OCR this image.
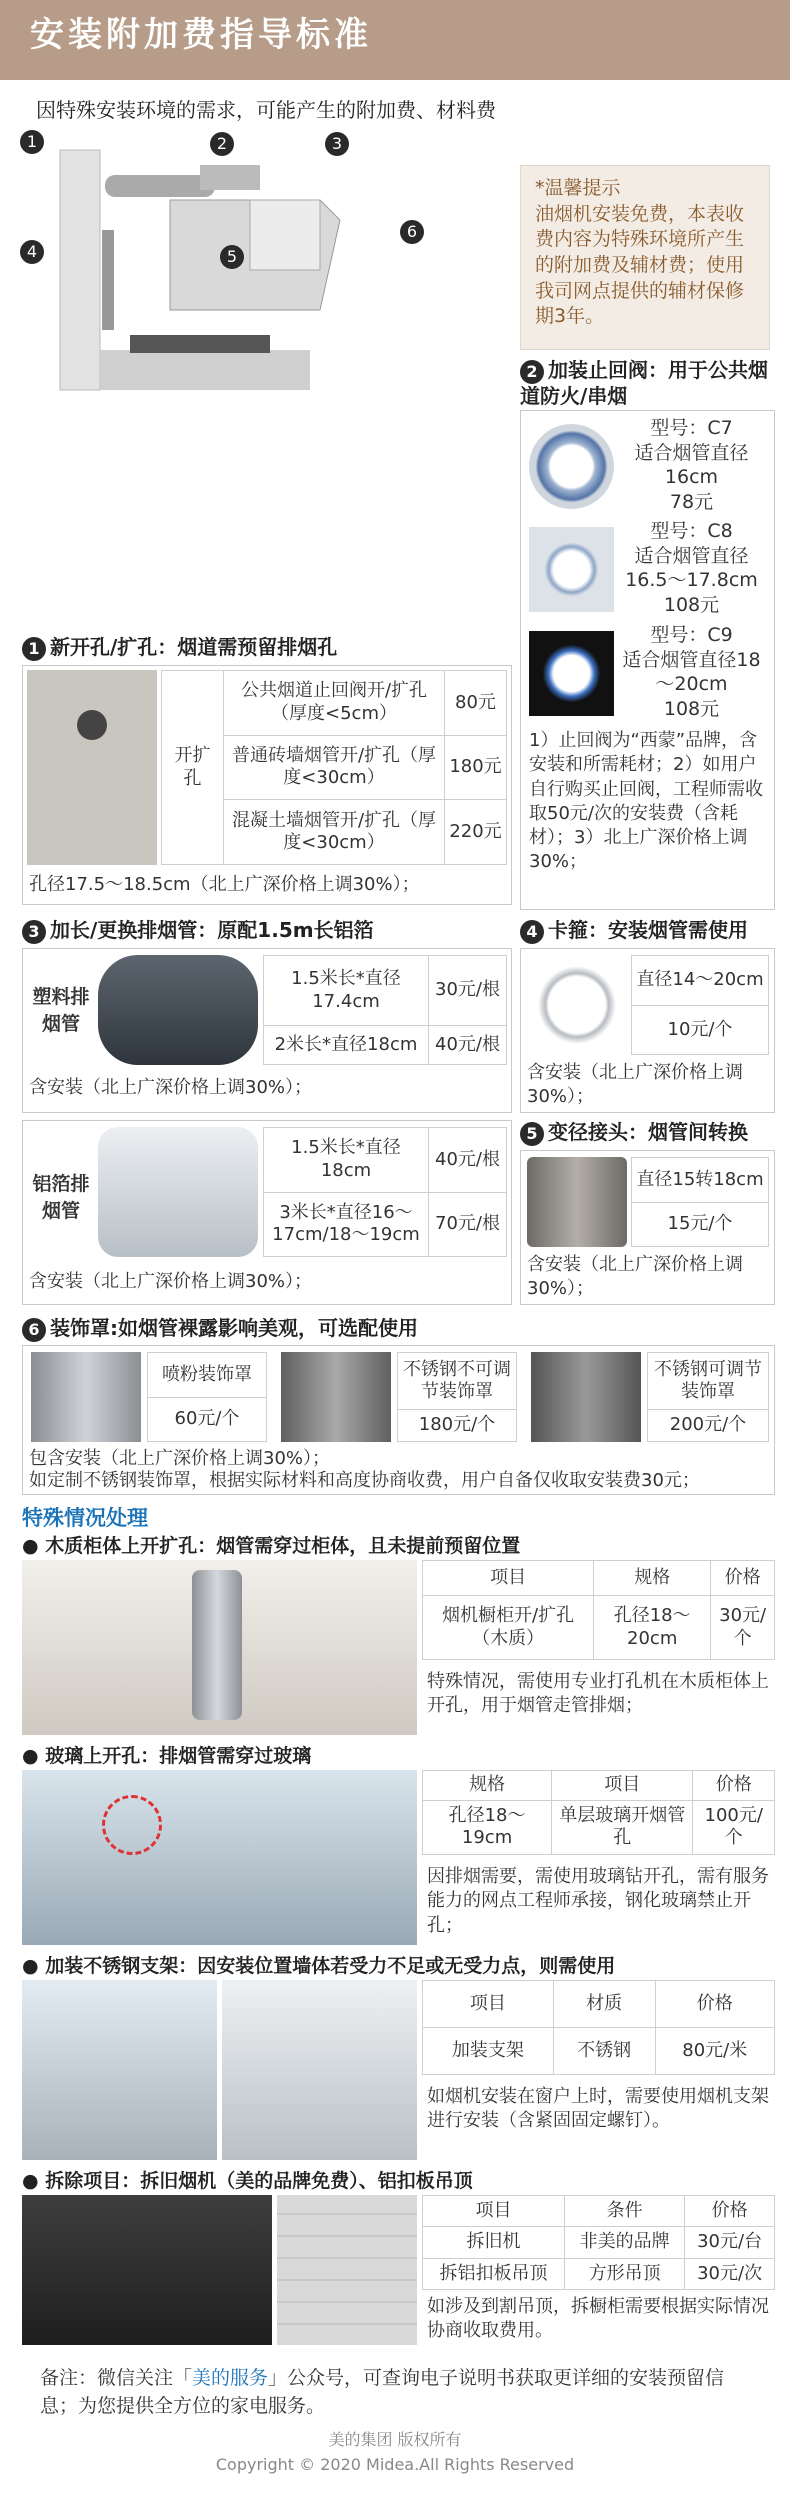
安装附加费指导标准
因特殊安装环境的需求，可能产生的附加费、材料费
1	2	3
4	5
6
*温馨提示
油烟机安装免费，本表收费内容为特殊环境所产生的附加费及辅材费；使用我司网点提供的辅材保修期3年。
2 加装止回阀：用于公共烟道防火/串烟
型号：C7
适合烟管直径16cm
78元
型号：C8
适合烟管直径16.5～17.8cm
108元
型号：C9
适合烟管直径18～20cm
108元
1）止回阀为“西蒙”品牌，含安装和所需耗材；2）如用户自行购买止回阀，工程师需收取50元/次的安装费（含耗材）；3）北上广深价格上调30%；
1 新开孔/扩孔：烟道需预留排烟孔
开扩孔	公共烟道止回阀开/扩孔（厚度<5cm）	80元
	普通砖墙烟管开/扩孔（厚度<30cm）	180元
	混凝土墙烟管开/扩孔（厚度<30cm）	220元
孔径17.5～18.5cm（北上广深价格上调30%）；
3 加长/更换排烟管：原配1.5m长铝箔
塑料排烟管
1.5米长*直径17.4cm	30元/根
2米长*直径18cm	40元/根
含安装（北上广深价格上调30%）；
铝箔排烟管
1.5米长*直径18cm	40元/根
3米长*直径16～17cm/18～19cm	70元/根
含安装（北上广深价格上调30%）；
4 卡箍：安装烟管需使用
直径14～20cm
10元/个
含安装（北上广深价格上调30%）；
5 变径接头：烟管间转换
直径15转18cm
15元/个
含安装（北上广深价格上调30%）；
6 装饰罩:如烟管裸露影响美观，可选配使用
喷粉装饰罩
60元/个
不锈钢不可调节装饰罩
180元/个
不锈钢可调节装饰罩
200元/个
包含安装（北上广深价格上调30%）；
如定制不锈钢装饰罩，根据实际材料和高度协商收费，用户自备仅收取安装费30元；
特殊情况处理
● 木质柜体上开扩孔：烟管需穿过柜体，且未提前预留位置
项目	规格	价格
烟机橱柜开/扩孔（木质）	孔径18～20cm	30元/个
特殊情况，需使用专业打孔机在木质柜体上开孔，用于烟管走管排烟；
● 玻璃上开孔：排烟管需穿过玻璃
规格	项目	价格
孔径18～19cm	单层玻璃开烟管孔	100元/个
因排烟需要，需使用玻璃钻开孔，需有服务能力的网点工程师承接，钢化玻璃禁止开孔；
● 加装不锈钢支架：因安装位置墙体若受力不足或无受力点，则需使用
项目	材质	价格
加装支架	不锈钢	80元/米
如烟机安装在窗户上时，需要使用烟机支架进行安装（含紧固固定螺钉）。
● 拆除项目：拆旧烟机（美的品牌免费）、铝扣板吊顶
项目	条件	价格
拆旧机	非美的品牌	30元/台
拆铝扣板吊顶	方形吊顶	30元/次
如涉及到割吊顶，拆橱柜需要根据实际情况协商收取费用。
备注：微信关注「美的服务」公众号，可查询电子说明书获取更详细的安装预留信息；为您提供全方位的家电服务。
美的集团 版权所有
Copyright © 2020 Midea.All Rights Reserved
